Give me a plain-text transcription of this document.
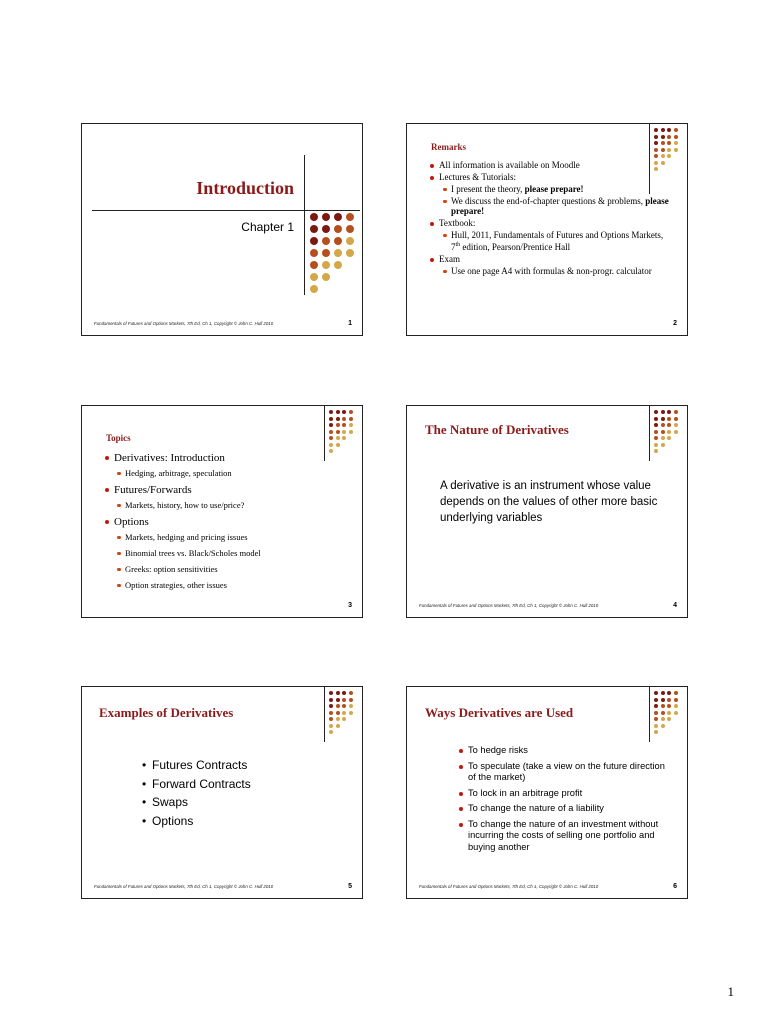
Introduction
Chapter 1
Fundamentals of Futures and Options Markets, 7th Ed, Ch 1, Copyright © John C. Hull 2010	1
Remarks
All information is available on Moodle
Lectures & Tutorials:
I present the theory, please prepare!
We discuss the end-of-chapter questions & problems, please prepare!
Textbook:
Hull, 2011, Fundamentals of Futures and Options Markets, 7th edition, Pearson/Prentice Hall
Exam
Use one page A4 with formulas & non-progr. calculator
2
Topics
Derivatives: Introduction
Hedging, arbitrage, speculation
Futures/Forwards
Markets, history, how to use/price?
Options
Markets, hedging and pricing issues
Binomial trees vs. Black/Scholes model
Greeks: option sensitivities
Option strategies, other issues
3
The Nature of Derivatives
A derivative is an instrument whose value depends on the values of other more basic underlying variables
Fundamentals of Futures and Options Markets, 7th Ed, Ch 1, Copyright © John C. Hull 2010	4
Examples of Derivatives
• Futures Contracts
• Forward Contracts
• Swaps
• Options
Fundamentals of Futures and Options Markets, 7th Ed, Ch 1, Copyright © John C. Hull 2010	5
Ways Derivatives are Used
To hedge risks
To speculate (take a view on the future direction of the market)
To lock in an arbitrage profit
To change the nature of a liability
To change the nature of an investment without incurring the costs of selling one portfolio and buying another
Fundamentals of Futures and Options Markets, 7th Ed, Ch 1, Copyright © John C. Hull 2010	6
1
